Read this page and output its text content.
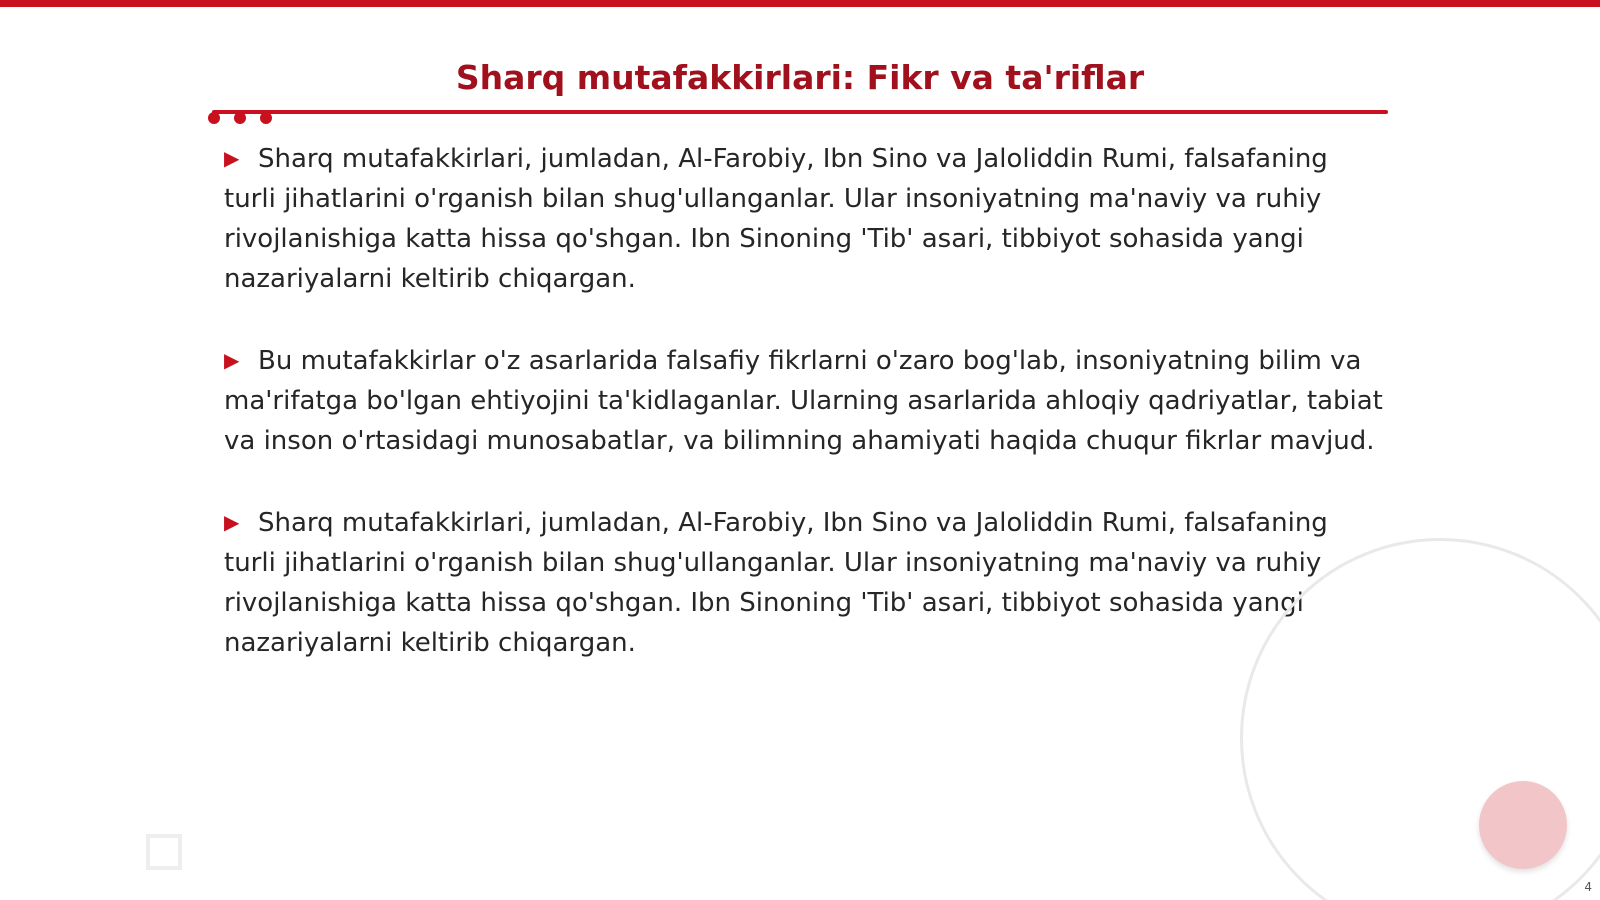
Sharq mutafakkirlari: Fikr va ta'riflar

▶ Sharq mutafakkirlari, jumladan, Al-Farobiy, Ibn Sino va Jaloliddin Rumi, falsafaning turli jihatlarini o'rganish bilan shug'ullanganlar. Ular insoniyatning ma'naviy va ruhiy rivojlanishiga katta hissa qo'shgan. Ibn Sinoning 'Tib' asari, tibbiyot sohasida yangi nazariyalarni keltirib chiqargan.

▶ Bu mutafakkirlar o'z asarlarida falsafiy fikrlarni o'zaro bog'lab, insoniyatning bilim va ma'rifatga bo'lgan ehtiyojini ta'kidlaganlar. Ularning asarlarida ahloqiy qadriyatlar, tabiat va inson o'rtasidagi munosabatlar, va bilimning ahamiyati haqida chuqur fikrlar mavjud.

▶ Sharq mutafakkirlari, jumladan, Al-Farobiy, Ibn Sino va Jaloliddin Rumi, falsafaning turli jihatlarini o'rganish bilan shug'ullanganlar. Ular insoniyatning ma'naviy va ruhiy rivojlanishiga katta hissa qo'shgan. Ibn Sinoning 'Tib' asari, tibbiyot sohasida yangi nazariyalarni keltirib chiqargan.

4
